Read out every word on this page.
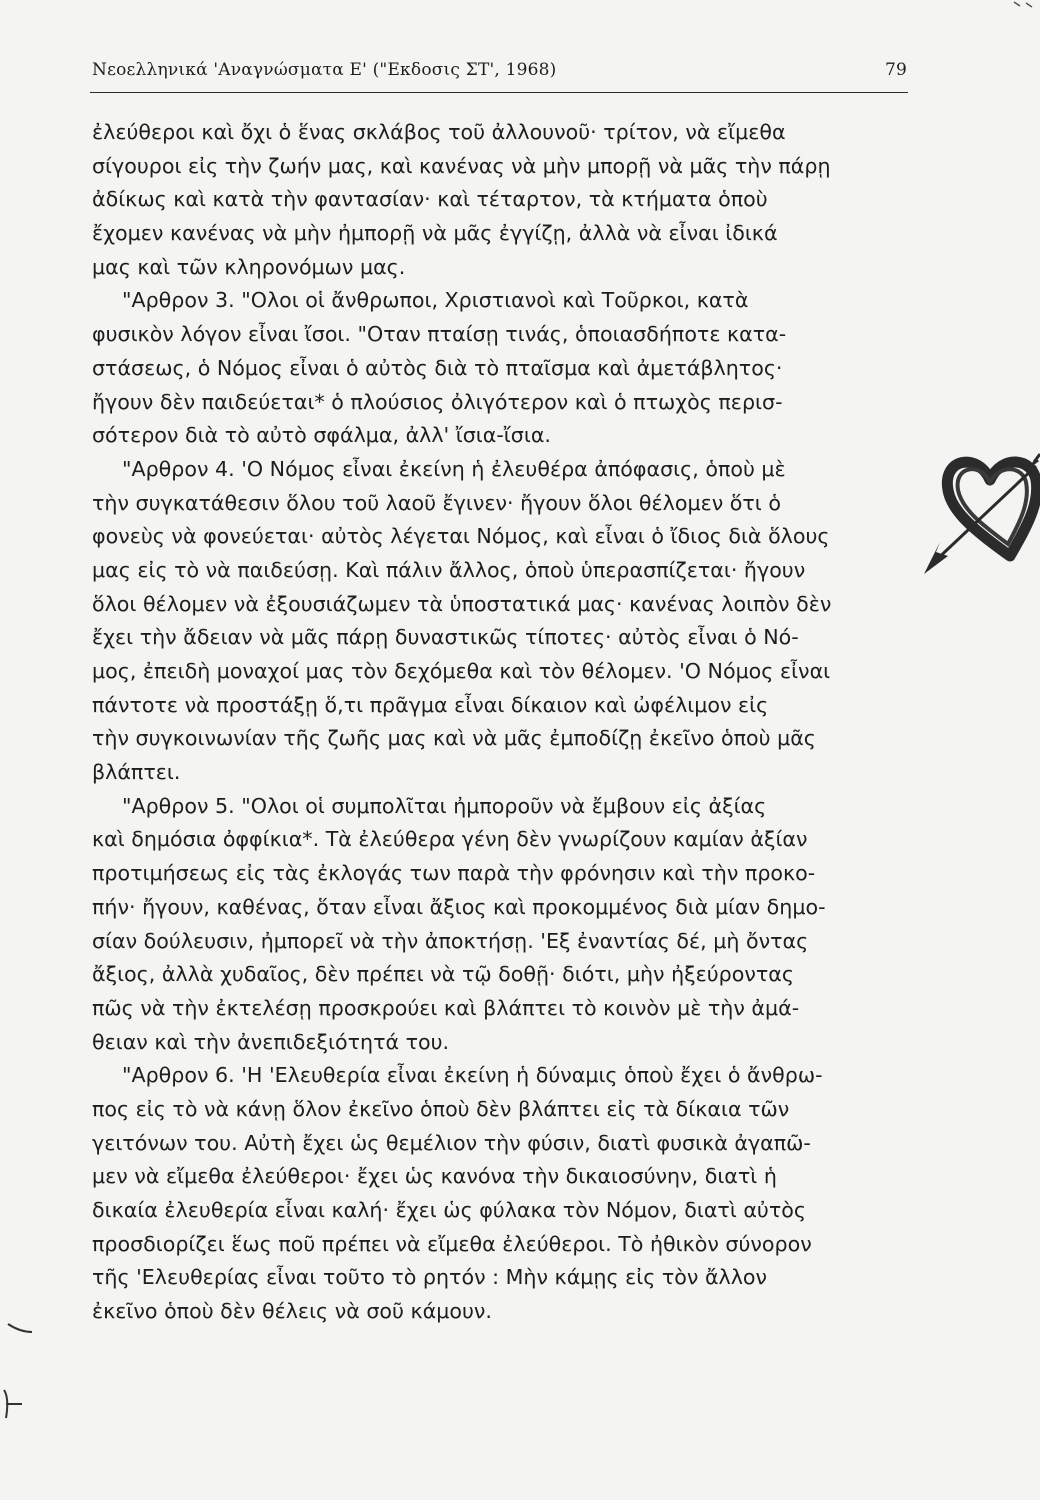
Νεοελληνικά 'Αναγνώσματα Ε' ("Εκδοσις ΣΤ', 1968)	79
ἐλεύθεροι καὶ ὄχι ὁ ἕνας σκλάβος τοῦ ἀλλουνοῦ· τρίτον, νὰ εἴμεθα
σίγουροι εἰς τὴν ζωήν μας, καὶ κανένας νὰ μὴν μπορῇ νὰ μᾶς τὴν πάρῃ
ἀδίκως καὶ κατὰ τὴν φαντασίαν· καὶ τέταρτον, τὰ κτήματα ὁποὺ
ἔχομεν κανένας νὰ μὴν ἠμπορῇ νὰ μᾶς ἐγγίζῃ, ἀλλὰ νὰ εἶναι ἰδικά
μας καὶ τῶν κληρονόμων μας.
"Αρθρον 3. "Ολοι οἱ ἄνθρωποι, Χριστιανοὶ καὶ Τοῦρκοι, κατὰ
φυσικὸν λόγον εἶναι ἴσοι. "Οταν πταίσῃ τινάς, ὁποιασδήποτε κατα-
στάσεως, ὁ Νόμος εἶναι ὁ αὐτὸς διὰ τὸ πταῖσμα καὶ ἀμετάβλητος·
ἤγουν δὲν παιδεύεται* ὁ πλούσιος ὀλιγότερον καὶ ὁ πτωχὸς περισ-
σότερον διὰ τὸ αὐτὸ σφάλμα, ἀλλ' ἴσια-ἴσια.
"Αρθρον 4. 'Ο Νόμος εἶναι ἐκείνη ἡ ἐλευθέρα ἀπόφασις, ὁποὺ μὲ
τὴν συγκατάθεσιν ὅλου τοῦ λαοῦ ἔγινεν· ἤγουν ὅλοι θέλομεν ὅτι ὁ
φονεὺς νὰ φονεύεται· αὐτὸς λέγεται Νόμος, καὶ εἶναι ὁ ἴδιος διὰ ὅλους
μας εἰς τὸ νὰ παιδεύσῃ. Καὶ πάλιν ἄλλος, ὁποὺ ὑπερασπίζεται· ἤγουν
ὅλοι θέλομεν νὰ ἐξουσιάζωμεν τὰ ὑποστατικά μας· κανένας λοιπὸν δὲν
ἔχει τὴν ἄδειαν νὰ μᾶς πάρῃ δυναστικῶς τίποτες· αὐτὸς εἶναι ὁ Νό-
μος, ἐπειδὴ μοναχοί μας τὸν δεχόμεθα καὶ τὸν θέλομεν. 'Ο Νόμος εἶναι
πάντοτε νὰ προστάξῃ ὅ,τι πρᾶγμα εἶναι δίκαιον καὶ ὠφέλιμον εἰς
τὴν συγκοινωνίαν τῆς ζωῆς μας καὶ νὰ μᾶς ἐμποδίζῃ ἐκεῖνο ὁποὺ μᾶς
βλάπτει.
"Αρθρον 5. "Ολοι οἱ συμπολῖται ἠμποροῦν νὰ ἔμβουν εἰς ἀξίας
καὶ δημόσια ὀφφίκια*. Τὰ ἐλεύθερα γένη δὲν γνωρίζουν καμίαν ἀξίαν
προτιμήσεως εἰς τὰς ἐκλογάς των παρὰ τὴν φρόνησιν καὶ τὴν προκο-
πήν· ἤγουν, καθένας, ὅταν εἶναι ἄξιος καὶ προκομμένος διὰ μίαν δημο-
σίαν δούλευσιν, ἠμπορεῖ νὰ τὴν ἀποκτήσῃ. 'Εξ ἐναντίας δέ, μὴ ὄντας
ἄξιος, ἀλλὰ χυδαῖος, δὲν πρέπει νὰ τῷ δοθῇ· διότι, μὴν ἠξεύροντας
πῶς νὰ τὴν ἐκτελέσῃ προσκρούει καὶ βλάπτει τὸ κοινὸν μὲ τὴν ἀμά-
θειαν καὶ τὴν ἀνεπιδεξιότητά του.
"Αρθρον 6. 'Η 'Ελευθερία εἶναι ἐκείνη ἡ δύναμις ὁποὺ ἔχει ὁ ἄνθρω-
πος εἰς τὸ νὰ κάνῃ ὅλον ἐκεῖνο ὁποὺ δὲν βλάπτει εἰς τὰ δίκαια τῶν
γειτόνων του. Αὐτὴ ἔχει ὡς θεμέλιον τὴν φύσιν, διατὶ φυσικὰ ἀγαπῶ-
μεν νὰ εἴμεθα ἐλεύθεροι· ἔχει ὡς κανόνα τὴν δικαιοσύνην, διατὶ ἡ
δικαία ἐλευθερία εἶναι καλή· ἔχει ὡς φύλακα τὸν Νόμον, διατὶ αὐτὸς
προσδιορίζει ἕως ποῦ πρέπει νὰ εἴμεθα ἐλεύθεροι. Τὸ ἠθικὸν σύνορον
τῆς 'Ελευθερίας εἶναι τοῦτο τὸ ρητόν : Μὴν κάμῃς εἰς τὸν ἄλλον
ἐκεῖνο ὁποὺ δὲν θέλεις νὰ σοῦ κάμουν.
